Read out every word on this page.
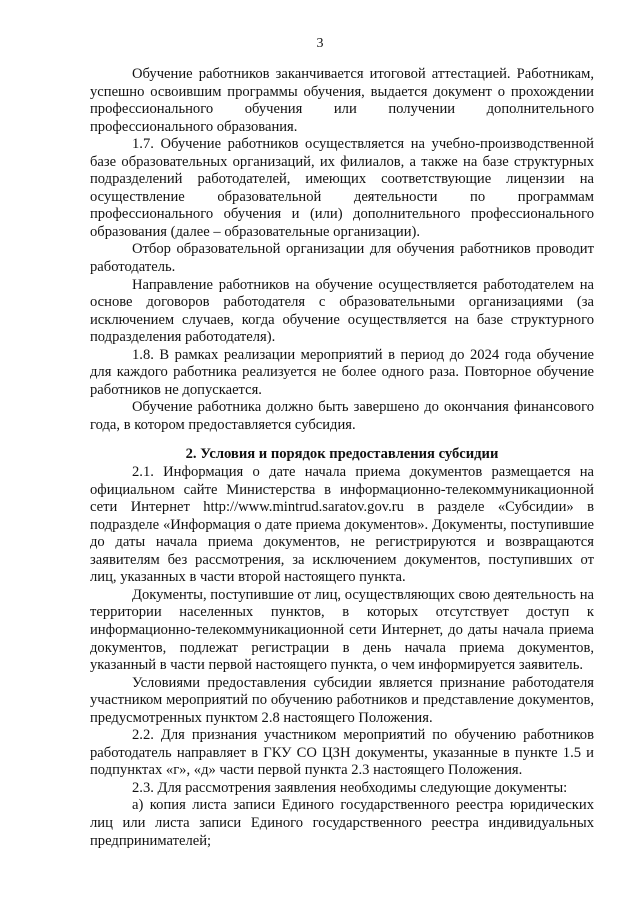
3

Обучение работников заканчивается итоговой аттестацией. Работникам, успешно освоившим программы обучения, выдается документ о прохождении профессионального обучения или получении дополнительного профессионального образования.

1.7. Обучение работников осуществляется на учебно-производственной базе образовательных организаций, их филиалов, а также на базе структурных подразделений работодателей, имеющих соответствующие лицензии на осуществление образовательной деятельности по программам профессионального обучения и (или) дополнительного профессионального образования (далее – образовательные организации).

Отбор образовательной организации для обучения работников проводит работодатель.

Направление работников на обучение осуществляется работодателем на основе договоров работодателя с образовательными организациями (за исключением случаев, когда обучение осуществляется на базе структурного подразделения работодателя).

1.8. В рамках реализации мероприятий в период до 2024 года обучение для каждого работника реализуется не более одного раза. Повторное обучение работников не допускается.

Обучение работника должно быть завершено до окончания финансового года, в котором предоставляется субсидия.

2. Условия и порядок предоставления субсидии

2.1. Информация о дате начала приема документов размещается на официальном сайте Министерства в информационно-телекоммуникационной сети Интернет http://www.mintrud.saratov.gov.ru в разделе «Субсидии» в подразделе «Информация о дате приема документов». Документы, поступившие до даты начала приема документов, не регистрируются и возвращаются заявителям без рассмотрения, за исключением документов, поступивших от лиц, указанных в части второй настоящего пункта.

Документы, поступившие от лиц, осуществляющих свою деятельность на территории населенных пунктов, в которых отсутствует доступ к информационно-телекоммуникационной сети Интернет, до даты начала приема документов, подлежат регистрации в день начала приема документов, указанный в части первой настоящего пункта, о чем информируется заявитель.

Условиями предоставления субсидии является признание работодателя участником мероприятий по обучению работников и представление документов, предусмотренных пунктом 2.8 настоящего Положения.

2.2. Для признания участником мероприятий по обучению работников работодатель направляет в ГКУ СО ЦЗН документы, указанные в пункте 1.5 и подпунктах «г», «д» части первой пункта 2.3 настоящего Положения.

2.3. Для рассмотрения заявления необходимы следующие документы:

а) копия листа записи Единого государственного реестра юридических лиц или листа записи Единого государственного реестра индивидуальных предпринимателей;
